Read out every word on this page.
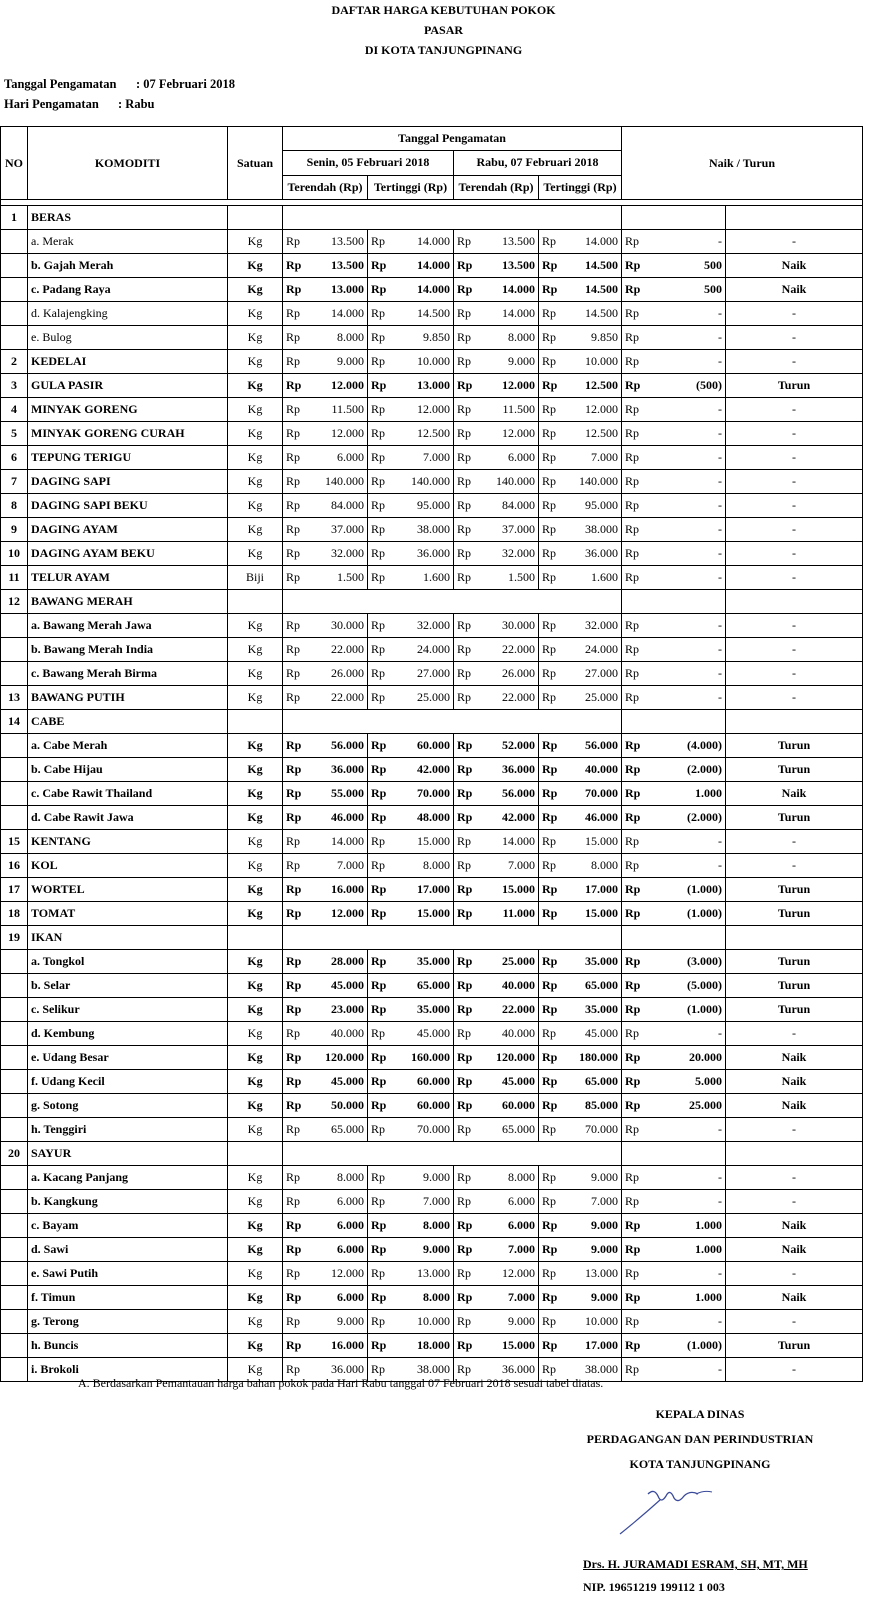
DAFTAR HARGA KEBUTUHAN POKOK
PASAR
DI KOTA TANJUNGPINANG
Tanggal Pengamatan : 07 Februari 2018
Hari Pengamatan : Rabu
NO	KOMODITI	Satuan	Tanggal Pengamatan								Naik / Turun		
			Senin, 05 Februari 2018				Rabu, 07 Februari 2018						
			Terendah (Rp)		Tertinggi (Rp)		Terendah (Rp)		Tertinggi (Rp)				

1	BERAS												
	a. Merak	Kg	Rp	13.500	Rp	14.000	Rp	13.500	Rp	14.000	Rp	-	-
	b. Gajah Merah	Kg	Rp	13.500	Rp	14.000	Rp	13.500	Rp	14.500	Rp	500	Naik
	c. Padang Raya	Kg	Rp	13.000	Rp	14.000	Rp	14.000	Rp	14.500	Rp	500	Naik
	d. Kalajengking	Kg	Rp	14.000	Rp	14.500	Rp	14.000	Rp	14.500	Rp	-	-
	e. Bulog	Kg	Rp	8.000	Rp	9.850	Rp	8.000	Rp	9.850	Rp	-	-
2	KEDELAI	Kg	Rp	9.000	Rp	10.000	Rp	9.000	Rp	10.000	Rp	-	-
3	GULA PASIR	Kg	Rp	12.000	Rp	13.000	Rp	12.000	Rp	12.500	Rp	(500)	Turun
4	MINYAK GORENG	Kg	Rp	11.500	Rp	12.000	Rp	11.500	Rp	12.000	Rp	-	-
5	MINYAK GORENG CURAH	Kg	Rp	12.000	Rp	12.500	Rp	12.000	Rp	12.500	Rp	-	-
6	TEPUNG TERIGU	Kg	Rp	6.000	Rp	7.000	Rp	6.000	Rp	7.000	Rp	-	-
7	DAGING SAPI	Kg	Rp	140.000	Rp	140.000	Rp	140.000	Rp	140.000	Rp	-	-
8	DAGING SAPI BEKU	Kg	Rp	84.000	Rp	95.000	Rp	84.000	Rp	95.000	Rp	-	-
9	DAGING AYAM	Kg	Rp	37.000	Rp	38.000	Rp	37.000	Rp	38.000	Rp	-	-
10	DAGING AYAM BEKU	Kg	Rp	32.000	Rp	36.000	Rp	32.000	Rp	36.000	Rp	-	-
11	TELUR AYAM	Biji	Rp	1.500	Rp	1.600	Rp	1.500	Rp	1.600	Rp	-	-
12	BAWANG MERAH												
	a. Bawang Merah Jawa	Kg	Rp	30.000	Rp	32.000	Rp	30.000	Rp	32.000	Rp	-	-
	b. Bawang Merah India	Kg	Rp	22.000	Rp	24.000	Rp	22.000	Rp	24.000	Rp	-	-
	c. Bawang Merah Birma	Kg	Rp	26.000	Rp	27.000	Rp	26.000	Rp	27.000	Rp	-	-
13	BAWANG PUTIH	Kg	Rp	22.000	Rp	25.000	Rp	22.000	Rp	25.000	Rp	-	-
14	CABE												
	a. Cabe Merah	Kg	Rp	56.000	Rp	60.000	Rp	52.000	Rp	56.000	Rp	(4.000)	Turun
	b. Cabe Hijau	Kg	Rp	36.000	Rp	42.000	Rp	36.000	Rp	40.000	Rp	(2.000)	Turun
	c. Cabe Rawit Thailand	Kg	Rp	55.000	Rp	70.000	Rp	56.000	Rp	70.000	Rp	1.000	Naik
	d. Cabe Rawit Jawa	Kg	Rp	46.000	Rp	48.000	Rp	42.000	Rp	46.000	Rp	(2.000)	Turun
15	KENTANG	Kg	Rp	14.000	Rp	15.000	Rp	14.000	Rp	15.000	Rp	-	-
16	KOL	Kg	Rp	7.000	Rp	8.000	Rp	7.000	Rp	8.000	Rp	-	-
17	WORTEL	Kg	Rp	16.000	Rp	17.000	Rp	15.000	Rp	17.000	Rp	(1.000)	Turun
18	TOMAT	Kg	Rp	12.000	Rp	15.000	Rp	11.000	Rp	15.000	Rp	(1.000)	Turun
19	IKAN												
	a. Tongkol	Kg	Rp	28.000	Rp	35.000	Rp	25.000	Rp	35.000	Rp	(3.000)	Turun
	b. Selar	Kg	Rp	45.000	Rp	65.000	Rp	40.000	Rp	65.000	Rp	(5.000)	Turun
	c. Selikur	Kg	Rp	23.000	Rp	35.000	Rp	22.000	Rp	35.000	Rp	(1.000)	Turun
	d. Kembung	Kg	Rp	40.000	Rp	45.000	Rp	40.000	Rp	45.000	Rp	-	-
	e. Udang Besar	Kg	Rp	120.000	Rp	160.000	Rp	120.000	Rp	180.000	Rp	20.000	Naik
	f. Udang Kecil	Kg	Rp	45.000	Rp	60.000	Rp	45.000	Rp	65.000	Rp	5.000	Naik
	g. Sotong	Kg	Rp	50.000	Rp	60.000	Rp	60.000	Rp	85.000	Rp	25.000	Naik
	h. Tenggiri	Kg	Rp	65.000	Rp	70.000	Rp	65.000	Rp	70.000	Rp	-	-
20	SAYUR												
	a. Kacang Panjang	Kg	Rp	8.000	Rp	9.000	Rp	8.000	Rp	9.000	Rp	-	-
	b. Kangkung	Kg	Rp	6.000	Rp	7.000	Rp	6.000	Rp	7.000	Rp	-	-
	c. Bayam	Kg	Rp	6.000	Rp	8.000	Rp	6.000	Rp	9.000	Rp	1.000	Naik
	d. Sawi	Kg	Rp	6.000	Rp	9.000	Rp	7.000	Rp	9.000	Rp	1.000	Naik
	e. Sawi Putih	Kg	Rp	12.000	Rp	13.000	Rp	12.000	Rp	13.000	Rp	-	-
	f. Timun	Kg	Rp	6.000	Rp	8.000	Rp	7.000	Rp	9.000	Rp	1.000	Naik
	g. Terong	Kg	Rp	9.000	Rp	10.000	Rp	9.000	Rp	10.000	Rp	-	-
	h. Buncis	Kg	Rp	16.000	Rp	18.000	Rp	15.000	Rp	17.000	Rp	(1.000)	Turun
	i. Brokoli	Kg	Rp	36.000	Rp	38.000	Rp	36.000	Rp	38.000	Rp	-	-
A. Berdasarkan Pemantauan harga bahan pokok pada Hari Rabu tanggal 07 Februari 2018 sesuai tabel diatas.
KEPALA DINAS
PERDAGANGAN DAN PERINDUSTRIAN
KOTA TANJUNGPINANG
Drs. H. JURAMADI ESRAM, SH, MT, MH
NIP. 19651219 199112 1 003
